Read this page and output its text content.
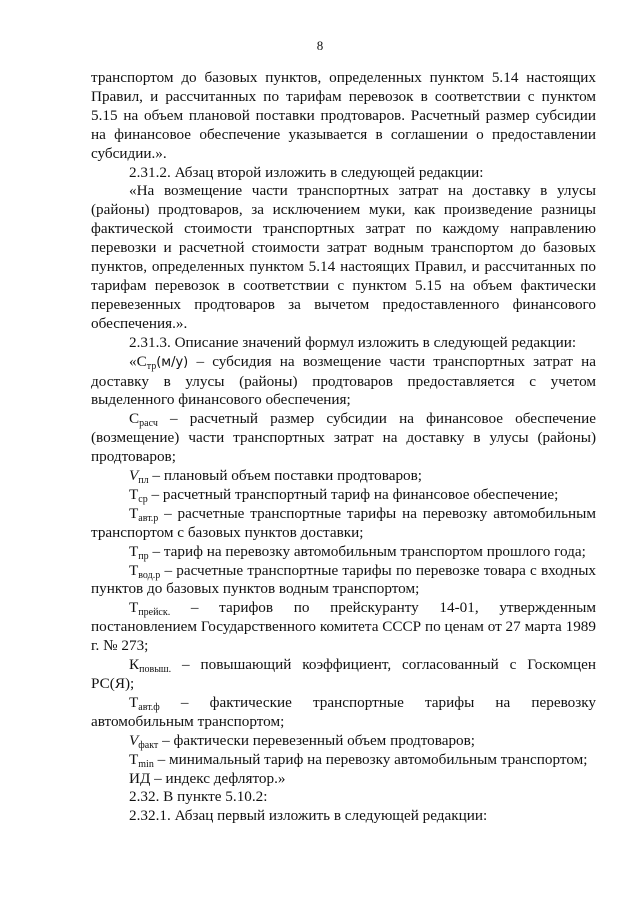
8

транспортом до базовых пунктов, определенных пунктом 5.14 настоящих Правил, и рассчитанных по тарифам перевозок в соответствии с пунктом 5.15 на объем плановой поставки продтоваров. Расчетный размер субсидии на финансовое обеспечение указывается в соглашении о предоставлении субсидии.».

2.31.2. Абзац второй изложить в следующей редакции:

«На возмещение части транспортных затрат на доставку в улусы (районы) продтоваров, за исключением муки, как произведение разницы фактической стоимости транспортных затрат по каждому направлению перевозки и расчетной стоимости затрат водным транспортом до базовых пунктов, определенных пунктом 5.14 настоящих Правил, и рассчитанных по тарифам перевозок в соответствии с пунктом 5.15 на объем фактически перевезенных продтоваров за вычетом предоставленного финансового обеспечения.».

2.31.3. Описание значений формул изложить в следующей редакции:

«$С_{тр}(м/у)$ – субсидия на возмещение части транспортных затрат на доставку в улусы (районы) продтоваров предоставляется с учетом выделенного финансового обеспечения;

$С_{расч}$ – расчетный размер субсидии на финансовое обеспечение (возмещение) части транспортных затрат на доставку в улусы (районы) продтоваров;

$V_{пл}$ – плановый объем поставки продтоваров;

$Т_{ср}$ – расчетный транспортный тариф на финансовое обеспечение;

$Т_{авт.р}$ – расчетные транспортные тарифы на перевозку автомобильным транспортом с базовых пунктов доставки;

$Т_{пр}$ – тариф на перевозку автомобильным транспортом прошлого года;

$Т_{вод.р}$ – расчетные транспортные тарифы по перевозке товара с входных пунктов до базовых пунктов водным транспортом;

$Т_{прейск.}$ – тарифов по прейскуранту 14-01, утвержденным постановлением Государственного комитета СССР по ценам от 27 марта 1989 г. № 273;

$К_{повыш.}$ – повышающий коэффициент, согласованный с Госкомцен РС(Я);

$Т_{авт.ф}$ – фактические транспортные тарифы на перевозку автомобильным транспортом;

$V_{факт}$ – фактически перевезенный объем продтоваров;

$Т_{min}$ – минимальный тариф на перевозку автомобильным транспортом;

ИД – индекс дефлятор.»

2.32. В пункте 5.10.2:

2.32.1. Абзац первый изложить в следующей редакции:
